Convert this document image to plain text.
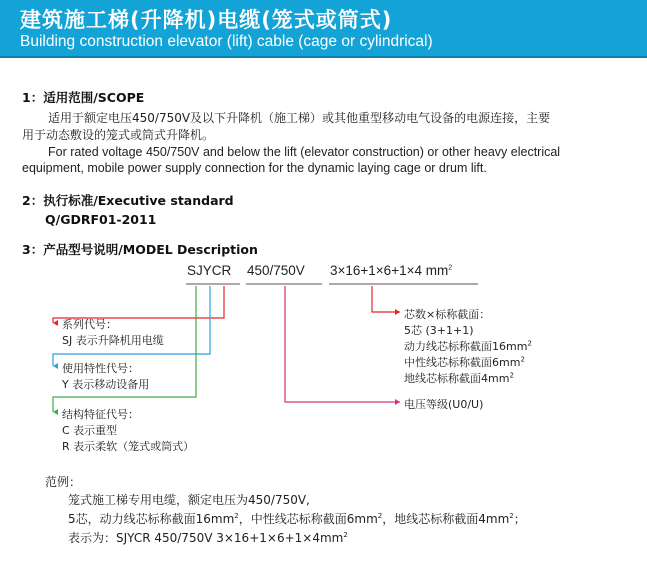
建筑施工梯(升降机)电缆(笼式或筒式)
Building construction elevator (lift) cable (cage or cylindrical)
1：适用范围/SCOPE
适用于额定电压450/750V及以下升降机（施工梯）或其他重型移动电气设备的电源连接，主要
用于动态敷设的笼式或筒式升降机。
For rated voltage 450/750V and below the lift (elevator construction) or other heavy electrical
equipment, mobile power supply connection for the dynamic laying cage or drum lift.
2：执行标准/Executive standard
Q/GDRF01-2011
3：产品型号说明/MODEL Description
SJYCR 450/750V 3×16+1×6+1×4 $mm^2$
系列代号：
SJ 表示升降机用电缆
使用特性代号：
Y 表示移动设备用
结构特征代号：
C 表示重型
R 表示柔软（笼式或筒式）
芯数×标称截面：
5芯 (3+1+1)
动力线芯标称截面$16mm^2$
中性线芯标称截面$6mm^2$
地线芯标称截面$4mm^2$
电压等级(U0/U)
范例：
笼式施工梯专用电缆，额定电压为450/750V,
5芯，动力线芯标称截面$16mm^2$，中性线芯标称截面$6mm^2$，地线芯标称截面$4mm^2$；
表示为：SJYCR 450/750V $3\times 16+1\times 6+1\times 4mm^2$
